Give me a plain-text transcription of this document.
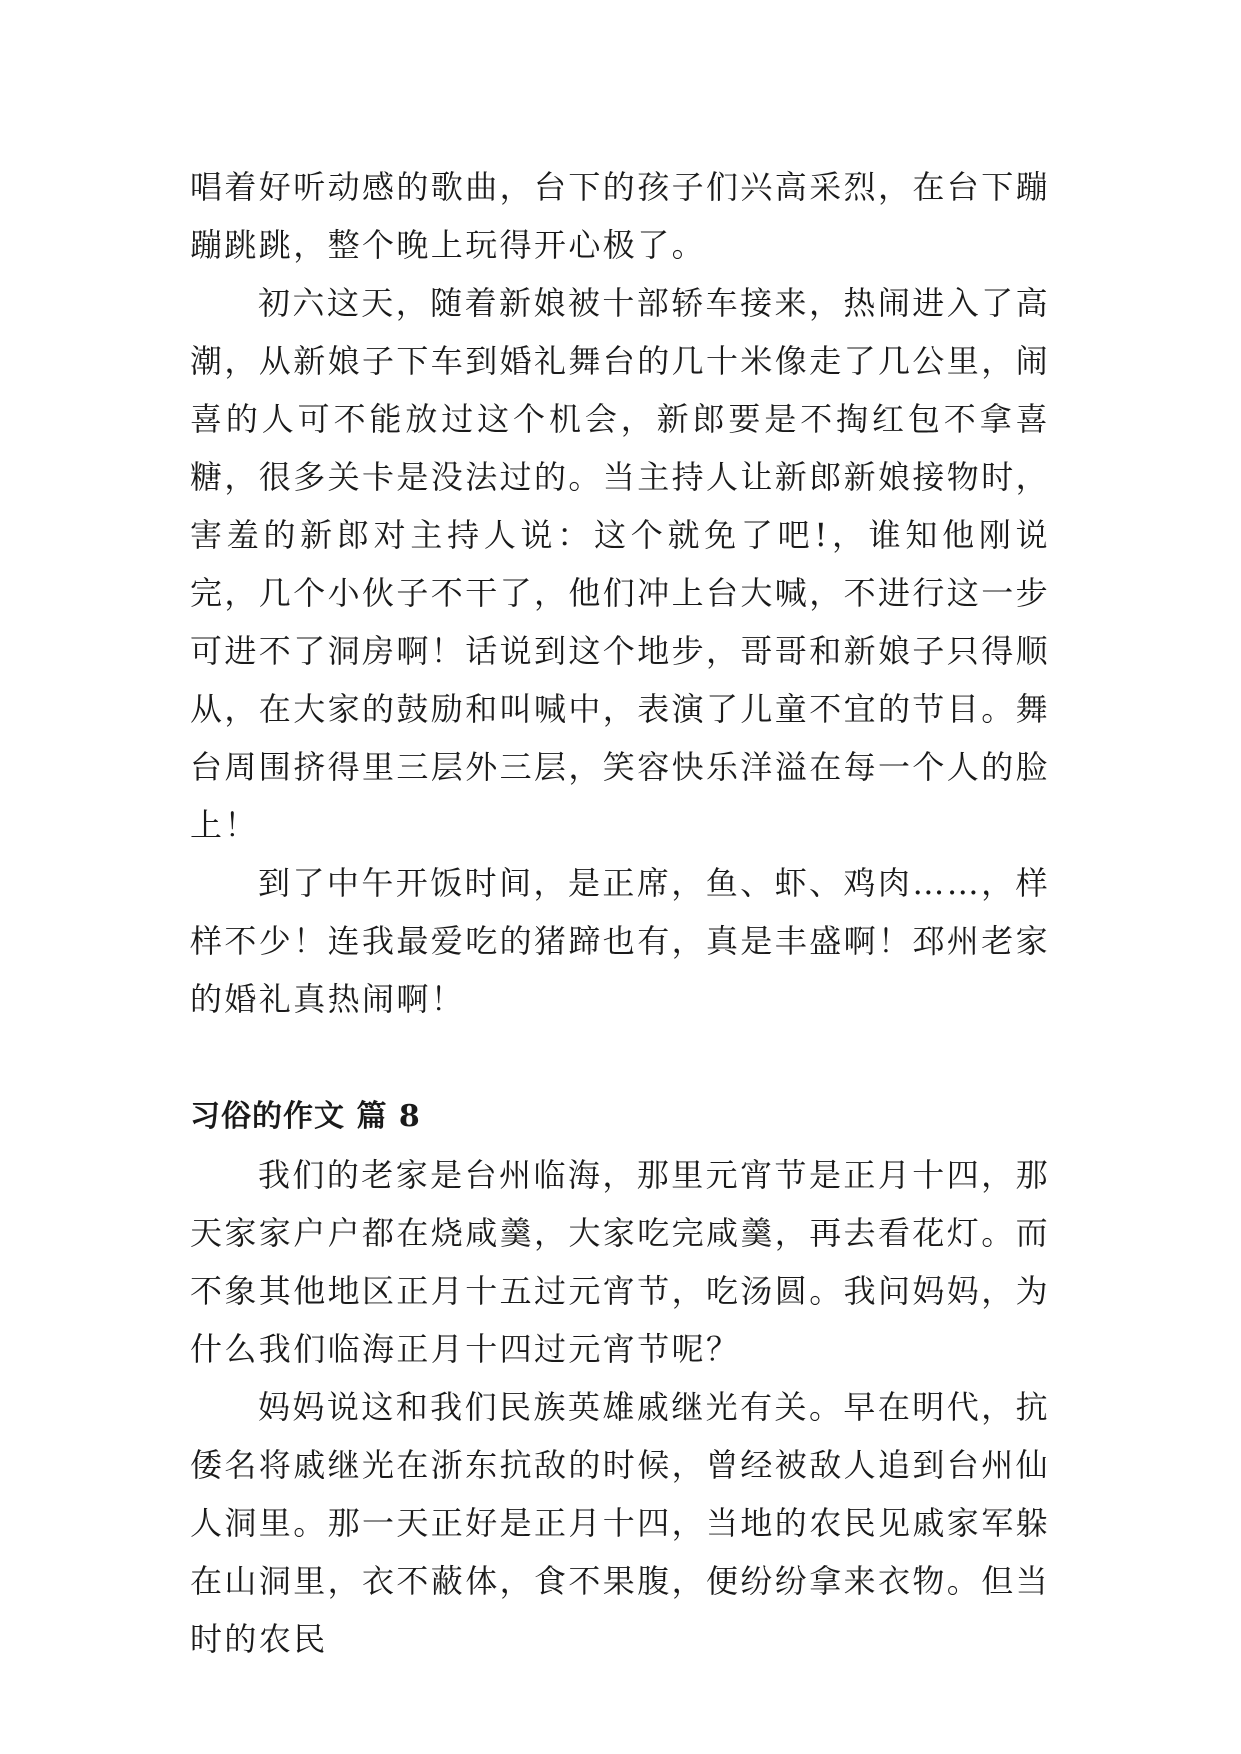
唱着好听动感的歌曲，台下的孩子们兴高采烈，在台下蹦蹦跳跳，整个晚上玩得开心极了。

初六这天，随着新娘被十部轿车接来，热闹进入了高潮，从新娘子下车到婚礼舞台的几十米像走了几公里，闹喜的人可不能放过这个机会，新郎要是不掏红包不拿喜糖，很多关卡是没法过的。当主持人让新郎新娘接物时，害羞的新郎对主持人说：这个就免了吧!，谁知他刚说完，几个小伙子不干了，他们冲上台大喊，不进行这一步可进不了洞房啊！话说到这个地步，哥哥和新娘子只得顺从，在大家的鼓励和叫喊中，表演了儿童不宜的节目。舞台周围挤得里三层外三层，笑容快乐洋溢在每一个人的脸上！

到了中午开饭时间，是正席，鱼、虾、鸡肉……，样样不少！连我最爱吃的猪蹄也有，真是丰盛啊！邳州老家的婚礼真热闹啊！

习俗的作文 篇 8

我们的老家是台州临海，那里元宵节是正月十四，那天家家户户都在烧咸羹，大家吃完咸羹，再去看花灯。而不象其他地区正月十五过元宵节，吃汤圆。我问妈妈，为什么我们临海正月十四过元宵节呢？

妈妈说这和我们民族英雄戚继光有关。早在明代，抗倭名将戚继光在浙东抗敌的时候，曾经被敌人追到台州仙人洞里。那一天正好是正月十四，当地的农民见戚家军躲在山洞里，衣不蔽体，食不果腹，便纷纷拿来衣物。但当时的农民
